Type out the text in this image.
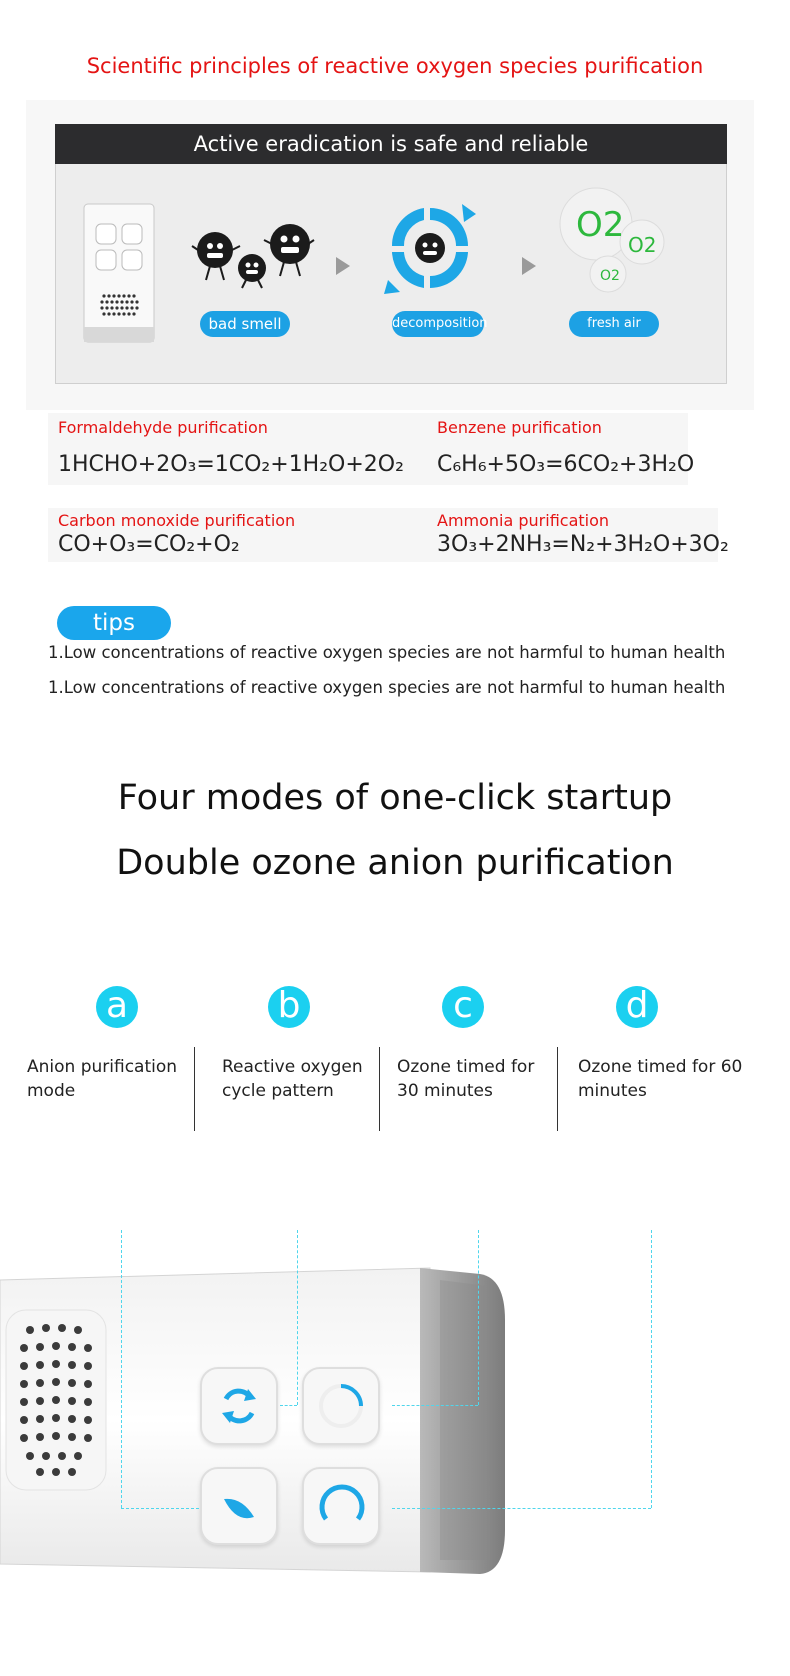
Scientific principles of reactive oxygen species purification
Active eradication is safe and reliable
bad smell	decomposition
O2 O2
O2
fresh air
Formaldehyde purification
1HCHO+2O₃=1CO₂+1H₂O+2O₂
Benzene purification
C₆H₆+5O₃=6CO₂+3H₂O
Carbon monoxide purification
CO+O₃=CO₂+O₂
Ammonia purification
3O₃+2NH₃=N₂+3H₂O+3O₂
tips
1.Low concentrations of reactive oxygen species are not harmful to human health
1.Low concentrations of reactive oxygen species are not harmful to human health
Four modes of one-click startup
Double ozone anion purification
a	b	c	d
Anion purification mode
Reactive oxygen cycle pattern
Ozone timed for 30 minutes
Ozone timed for 60 minutes
